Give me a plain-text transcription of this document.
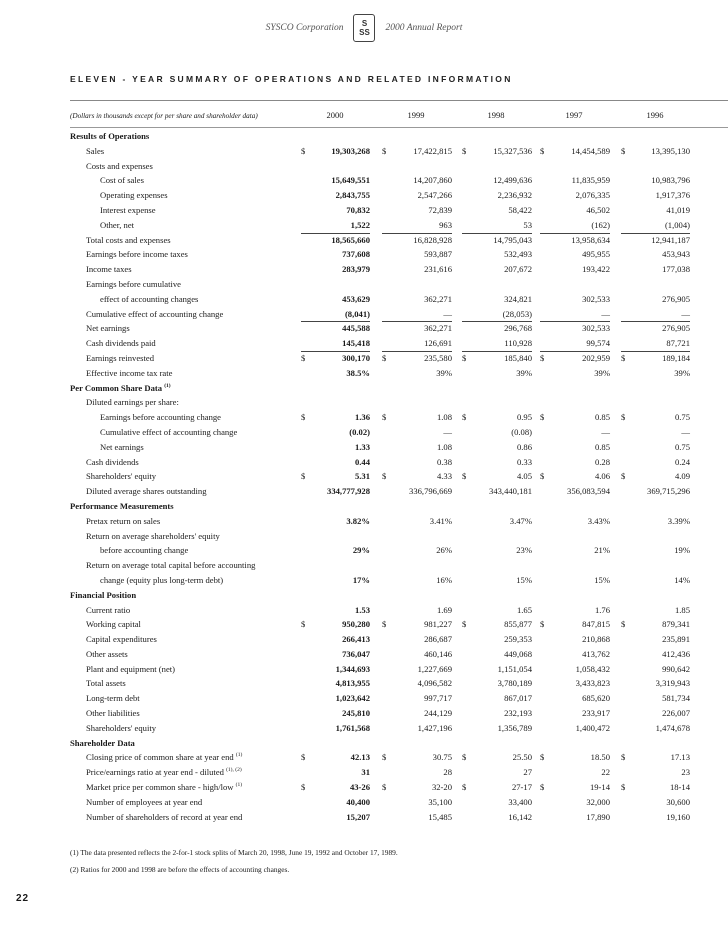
SYSCO Corporation S
SS 2000 Annual Report
ELEVEN - YEAR SUMMARY OF OPERATIONS AND RELATED INFORMATION
(Dollars in thousands except for per share and shareholder data)	2000	1999	1998	1997	1996
Results of Operations
Sales	$	19,303,268 $	17,422,815 $	15,327,536 $	14,454,589 $	13,395,130
Costs and expenses
Cost of sales	15,649,551	14,207,860	12,499,636	11,835,959	10,983,796
Operating expenses	2,843,755	2,547,266	2,236,932	2,076,335	1,917,376
Interest expense	70,832	72,839	58,422	46,502	41,019
Other, net	1,522	963	53	(162)	(1,004)
Total costs and expenses	18,565,660	16,828,928	14,795,043	13,958,634	12,941,187
Earnings before income taxes	737,608	593,887	532,493	495,955	453,943
Income taxes	283,979	231,616	207,672	193,422	177,038
Earnings before cumulative
effect of accounting changes	453,629	362,271	324,821	302,533	276,905
Cumulative effect of accounting change	(8,041)	—	(28,053)	—	—
Net earnings	445,588	362,271	296,768	302,533	276,905
Cash dividends paid	145,418	126,691	110,928	99,574	87,721
Earnings reinvested	$	300,170 $	235,580 $	185,840 $	202,959 $	189,184
Effective income tax rate	38.5%	39%	39%	39%	39%
Per Common Share Data $^{(1)}$
Diluted earnings per share:
Earnings before accounting change	$	1.36 $	1.08 $	0.95 $	0.85 $	0.75
Cumulative effect of accounting change	(0.02)	—	(0.08)	—	—
Net earnings	1.33	1.08	0.86	0.85	0.75
Cash dividends	0.44	0.38	0.33	0.28	0.24
Shareholders' equity	$	5.31 $	4.33 $	4.05 $	4.06 $	4.09
Diluted average shares outstanding	334,777,928	336,796,669	343,440,181	356,083,594	369,715,296
Performance Measurements
Pretax return on sales	3.82%	3.41%	3.47%	3.43%	3.39%
Return on average shareholders' equity
before accounting change	29%	26%	23%	21%	19%
Return on average total capital before accounting
change (equity plus long-term debt)	17%	16%	15%	15%	14%
Financial Position
Current ratio	1.53	1.69	1.65	1.76	1.85
Working capital	$	950,280 $	981,227 $	855,877 $	847,815 $	879,341
Capital expenditures	266,413	286,687	259,353	210,868	235,891
Other assets	736,047	460,146	449,068	413,762	412,436
Plant and equipment (net)	1,344,693	1,227,669	1,151,054	1,058,432	990,642
Total assets	4,813,955	4,096,582	3,780,189	3,433,823	3,319,943
Long-term debt	1,023,642	997,717	867,017	685,620	581,734
Other liabilities	245,810	244,129	232,193	233,917	226,007
Shareholders' equity	1,761,568	1,427,196	1,356,789	1,400,472	1,474,678
Shareholder Data
Closing price of common share at year end $^{(1)}$	$	42.13 $	30.75 $	25.50 $	18.50 $	17.13
Price/earnings ratio at year end - diluted $^{(1), (2)}$	31	28	27	22	23
Market price per common share - high/low $^{(1)}$	$	43-26 $	32-20 $	27-17 $	19-14 $	18-14
Number of employees at year end	40,400	35,100	33,400	32,000	30,600
Number of shareholders of record at year end	15,207	15,485	16,142	17,890	19,160
(1) The data presented reflects the 2-for-1 stock splits of March 20, 1998, June 19, 1992 and October 17, 1989.
(2) Ratios for 2000 and 1998 are before the effects of accounting changes.
22
